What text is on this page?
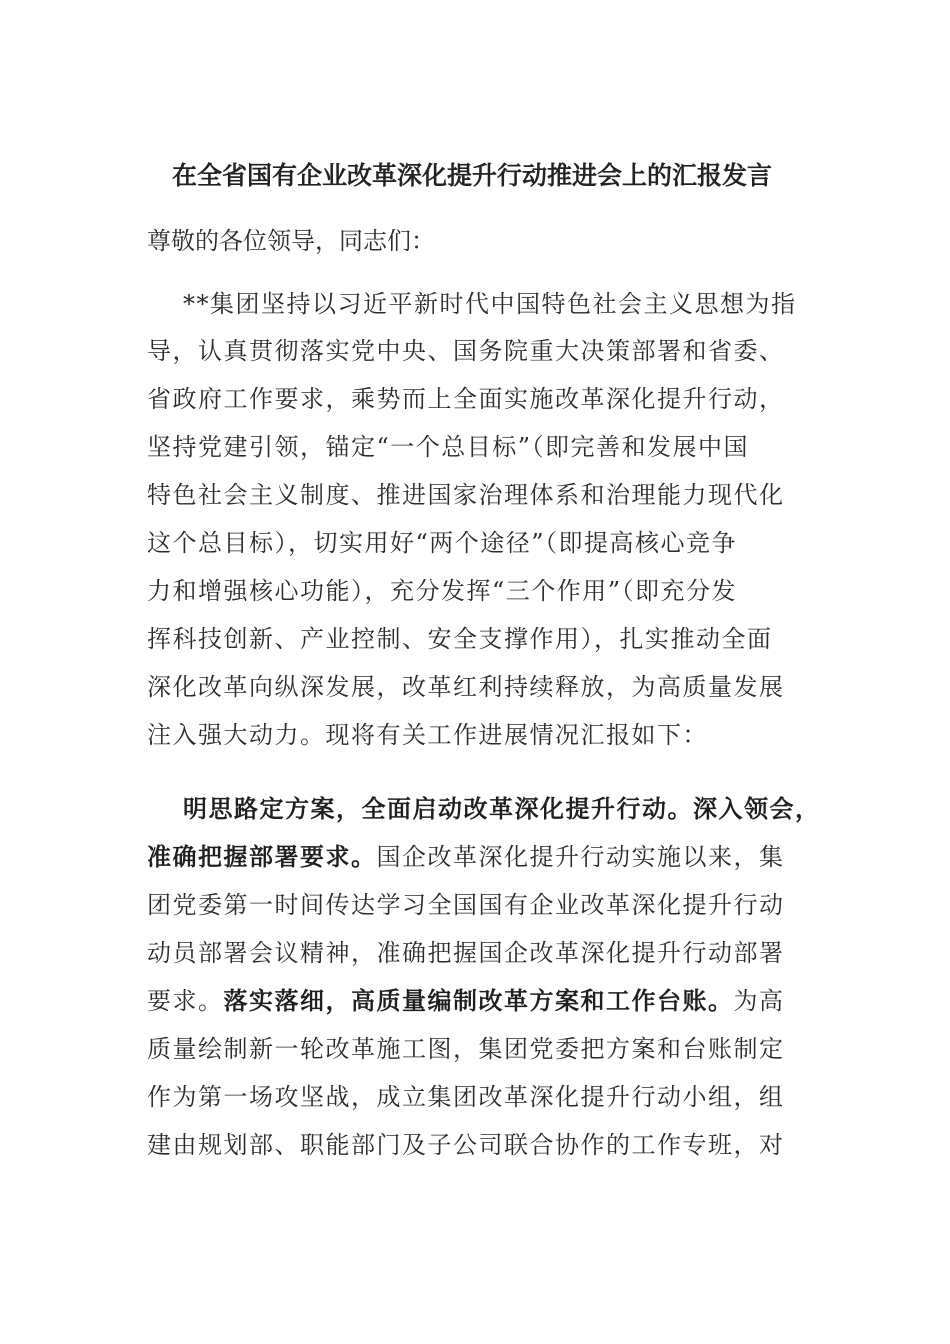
在全省国有企业改革深化提升行动推进会上的汇报发言
尊敬的各位领导，同志们：
**集团坚持以习近平新时代中国特色社会主义思想为指
导，认真贯彻落实党中央、国务院重大决策部署和省委、
省政府工作要求，乘势而上全面实施改革深化提升行动，
坚持党建引领，锚定“一个总目标”（即完善和发展中国
特色社会主义制度、推进国家治理体系和治理能力现代化
这个总目标），切实用好“两个途径”（即提高核心竞争
力和增强核心功能），充分发挥“三个作用”（即充分发
挥科技创新、产业控制、安全支撑作用），扎实推动全面
深化改革向纵深发展，改革红利持续释放，为高质量发展
注入强大动力。现将有关工作进展情况汇报如下：
明思路定方案，全面启动改革深化提升行动。深入领会，
准确把握部署要求。国企改革深化提升行动实施以来，集
团党委第一时间传达学习全国国有企业改革深化提升行动
动员部署会议精神，准确把握国企改革深化提升行动部署
要求。落实落细，高质量编制改革方案和工作台账。为高
质量绘制新一轮改革施工图，集团党委把方案和台账制定
作为第一场攻坚战，成立集团改革深化提升行动小组，组
建由规划部、职能部门及子公司联合协作的工作专班，对
